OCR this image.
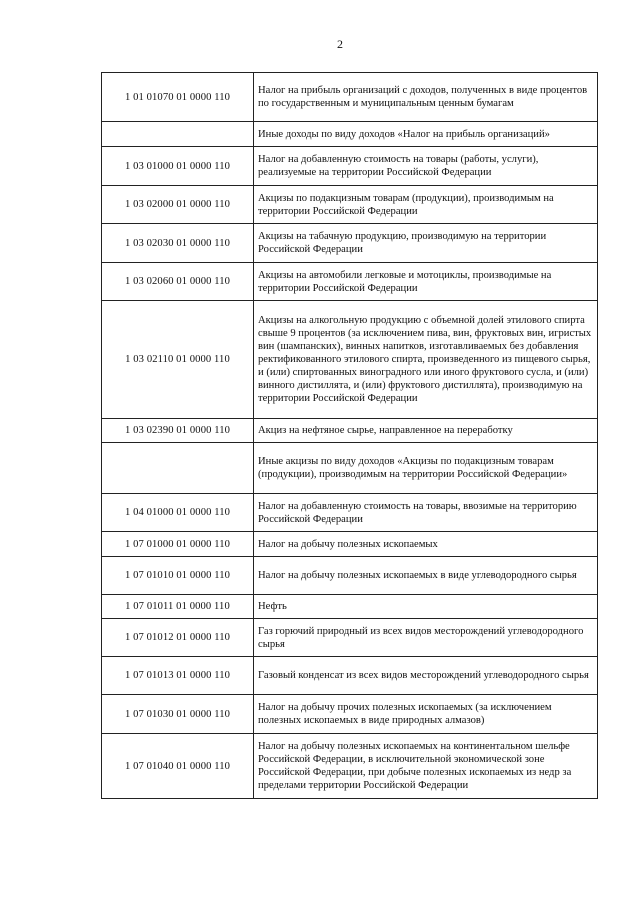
2
1 01 01070 01 0000 110	Налог на прибыль организаций с доходов, полученных в виде процентов по государственным и муниципальным ценным бумагам
	Иные доходы по виду доходов «Налог на прибыль организаций»
1 03 01000 01 0000 110	Налог на добавленную стоимость на товары (работы, услуги), реализуемые на территории Российской Федерации
1 03 02000 01 0000 110	Акцизы по подакцизным товарам (продукции), производимым на территории Российской Федерации
1 03 02030 01 0000 110	Акцизы на табачную продукцию, производимую на территории Российской Федерации
1 03 02060 01 0000 110	Акцизы на автомобили легковые и мотоциклы, производимые на территории Российской Федерации
1 03 02110 01 0000 110	Акцизы на алкогольную продукцию с объемной долей этилового спирта свыше 9 процентов (за исключением пива, вин, фруктовых вин, игристых вин (шампанских), винных напитков, изготавливаемых без добавления ректификованного этилового спирта, произведенного из пищевого сырья, и (или) спиртованных виноградного или иного фруктового сусла, и (или) винного дистиллята, и (или) фруктового дистиллята), производимую на территории Российской Федерации
1 03 02390 01 0000 110	Акциз на нефтяное сырье, направленное на переработку
	Иные акцизы по виду доходов «Акцизы по подакцизным товарам (продукции), производимым на территории Российской Федерации»
1 04 01000 01 0000 110	Налог на добавленную стоимость на товары, ввозимые на территорию Российской Федерации
1 07 01000 01 0000 110	Налог на добычу полезных ископаемых
1 07 01010 01 0000 110	Налог на добычу полезных ископаемых в виде углеводородного сырья
1 07 01011 01 0000 110	Нефть
1 07 01012 01 0000 110	Газ горючий природный из всех видов месторождений углеводородного сырья
1 07 01013 01 0000 110	Газовый конденсат из всех видов месторождений углеводородного сырья
1 07 01030 01 0000 110	Налог на добычу прочих полезных ископаемых (за исключением полезных ископаемых в виде природных алмазов)
1 07 01040 01 0000 110	Налог на добычу полезных ископаемых на континентальном шельфе Российской Федерации, в исключительной экономической зоне Российской Федерации, при добыче полезных ископаемых из недр за пределами территории Российской Федерации
